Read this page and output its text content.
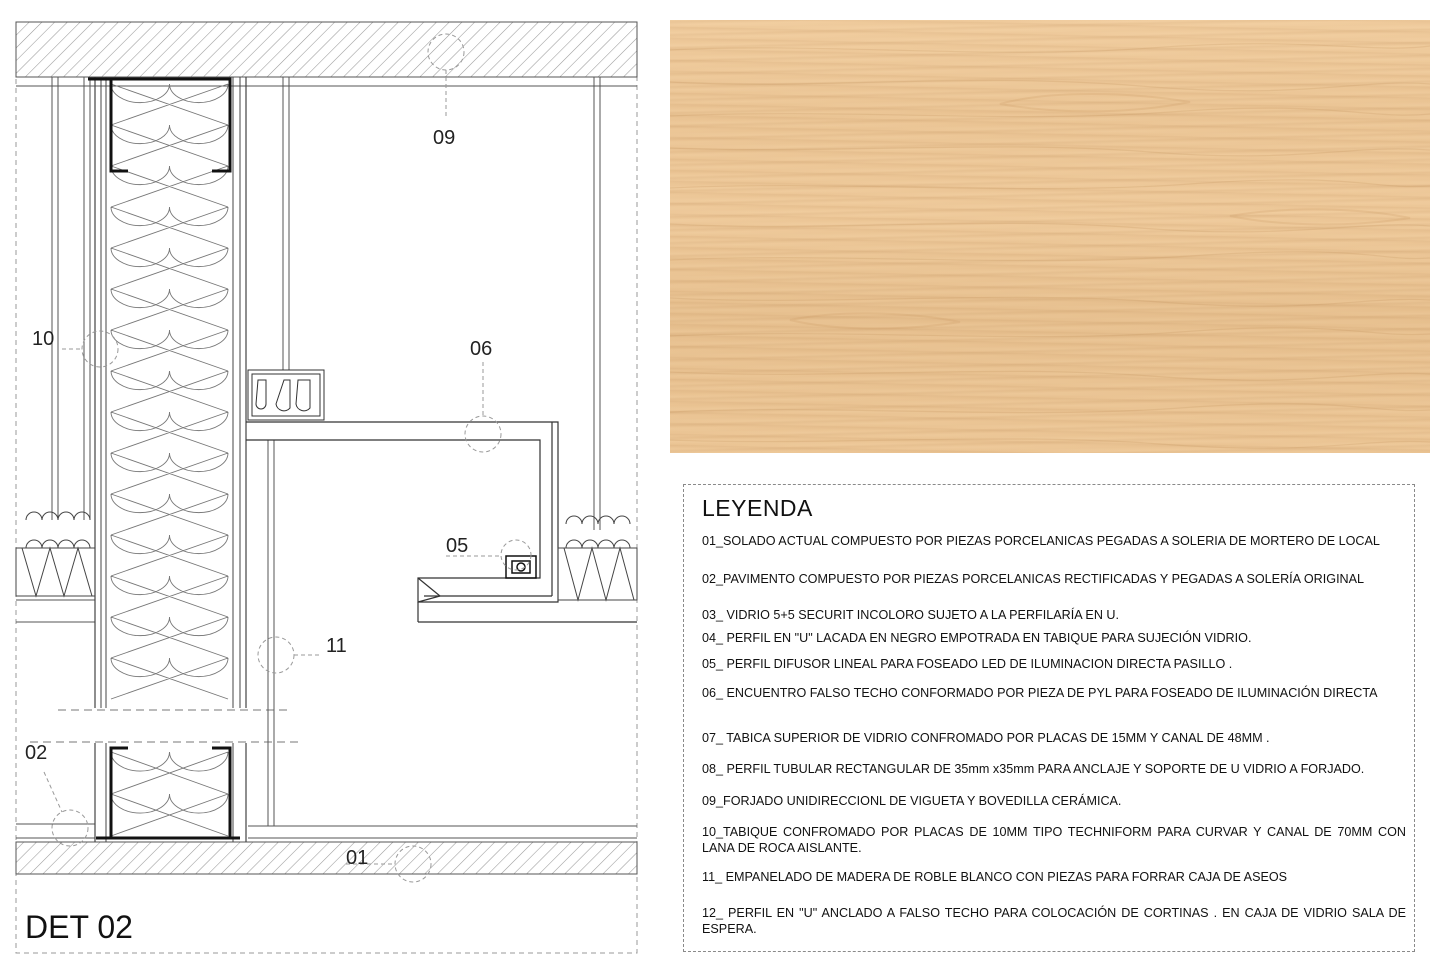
09
10	06
05
11
02
01
DET 02
LEYENDA
01_SOLADO ACTUAL COMPUESTO POR PIEZAS PORCELANICAS PEGADAS A SOLERIA DE MORTERO DE LOCAL
02_PAVIMENTO COMPUESTO POR PIEZAS PORCELANICAS RECTIFICADAS Y PEGADAS A SOLERÍA ORIGINAL
03_ VIDRIO 5+5 SECURIT INCOLORO SUJETO A LA PERFILARÍA EN U.
04_ PERFIL EN "U" LACADA EN NEGRO EMPOTRADA EN TABIQUE PARA SUJECIÓN VIDRIO.
05_ PERFIL DIFUSOR LINEAL PARA FOSEADO LED DE ILUMINACION DIRECTA PASILLO .
06_ ENCUENTRO FALSO TECHO CONFORMADO POR PIEZA DE PYL PARA FOSEADO DE ILUMINACIÓN DIRECTA
07_ TABICA SUPERIOR DE VIDRIO CONFROMADO POR PLACAS DE 15MM Y CANAL DE 48MM .
08_ PERFIL TUBULAR RECTANGULAR DE 35mm x35mm PARA ANCLAJE Y SOPORTE DE U VIDRIO A FORJADO.
09_FORJADO UNIDIRECCIONL DE VIGUETA Y BOVEDILLA CERÁMICA.
10_TABIQUE CONFROMADO POR PLACAS DE 10MM TIPO TECHNIFORM PARA CURVAR Y CANAL DE 70MM CON LANA DE ROCA AISLANTE.
11_ EMPANELADO DE MADERA DE ROBLE BLANCO CON PIEZAS PARA FORRAR CAJA DE ASEOS
12_ PERFIL EN "U" ANCLADO A FALSO TECHO PARA COLOCACIÓN DE CORTINAS . EN CAJA DE VIDRIO SALA DE ESPERA.
